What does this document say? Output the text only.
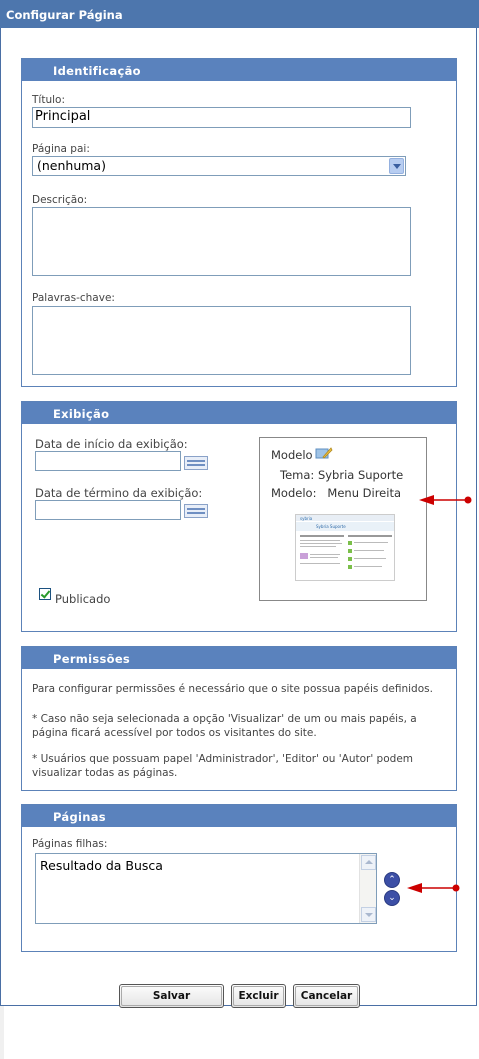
Configurar Página
Identificação
Título:
Principal
Página pai:
(nenhuma)
Descrição:
Palavras-chave:
Exibição
Data de início da exibição:
Data de término da exibição:
Modelo
Tema: Sybria Suporte
Modelo: Menu Direita
sybria
Sybria Suporte
Publicado
Permissões
Para configurar permissões é necessário que o site possua papéis definidos.
* Caso não seja selecionada a opção 'Visualizar' de um ou mais papéis, a página ficará acessível por todos os visitantes do site.
* Usuários que possuam papel 'Administrador', 'Editor' ou 'Autor' podem visualizar todas as páginas.
Páginas
Páginas filhas:
Resultado da Busca
⌃
⌄
Salvar	Excluir	Cancelar
